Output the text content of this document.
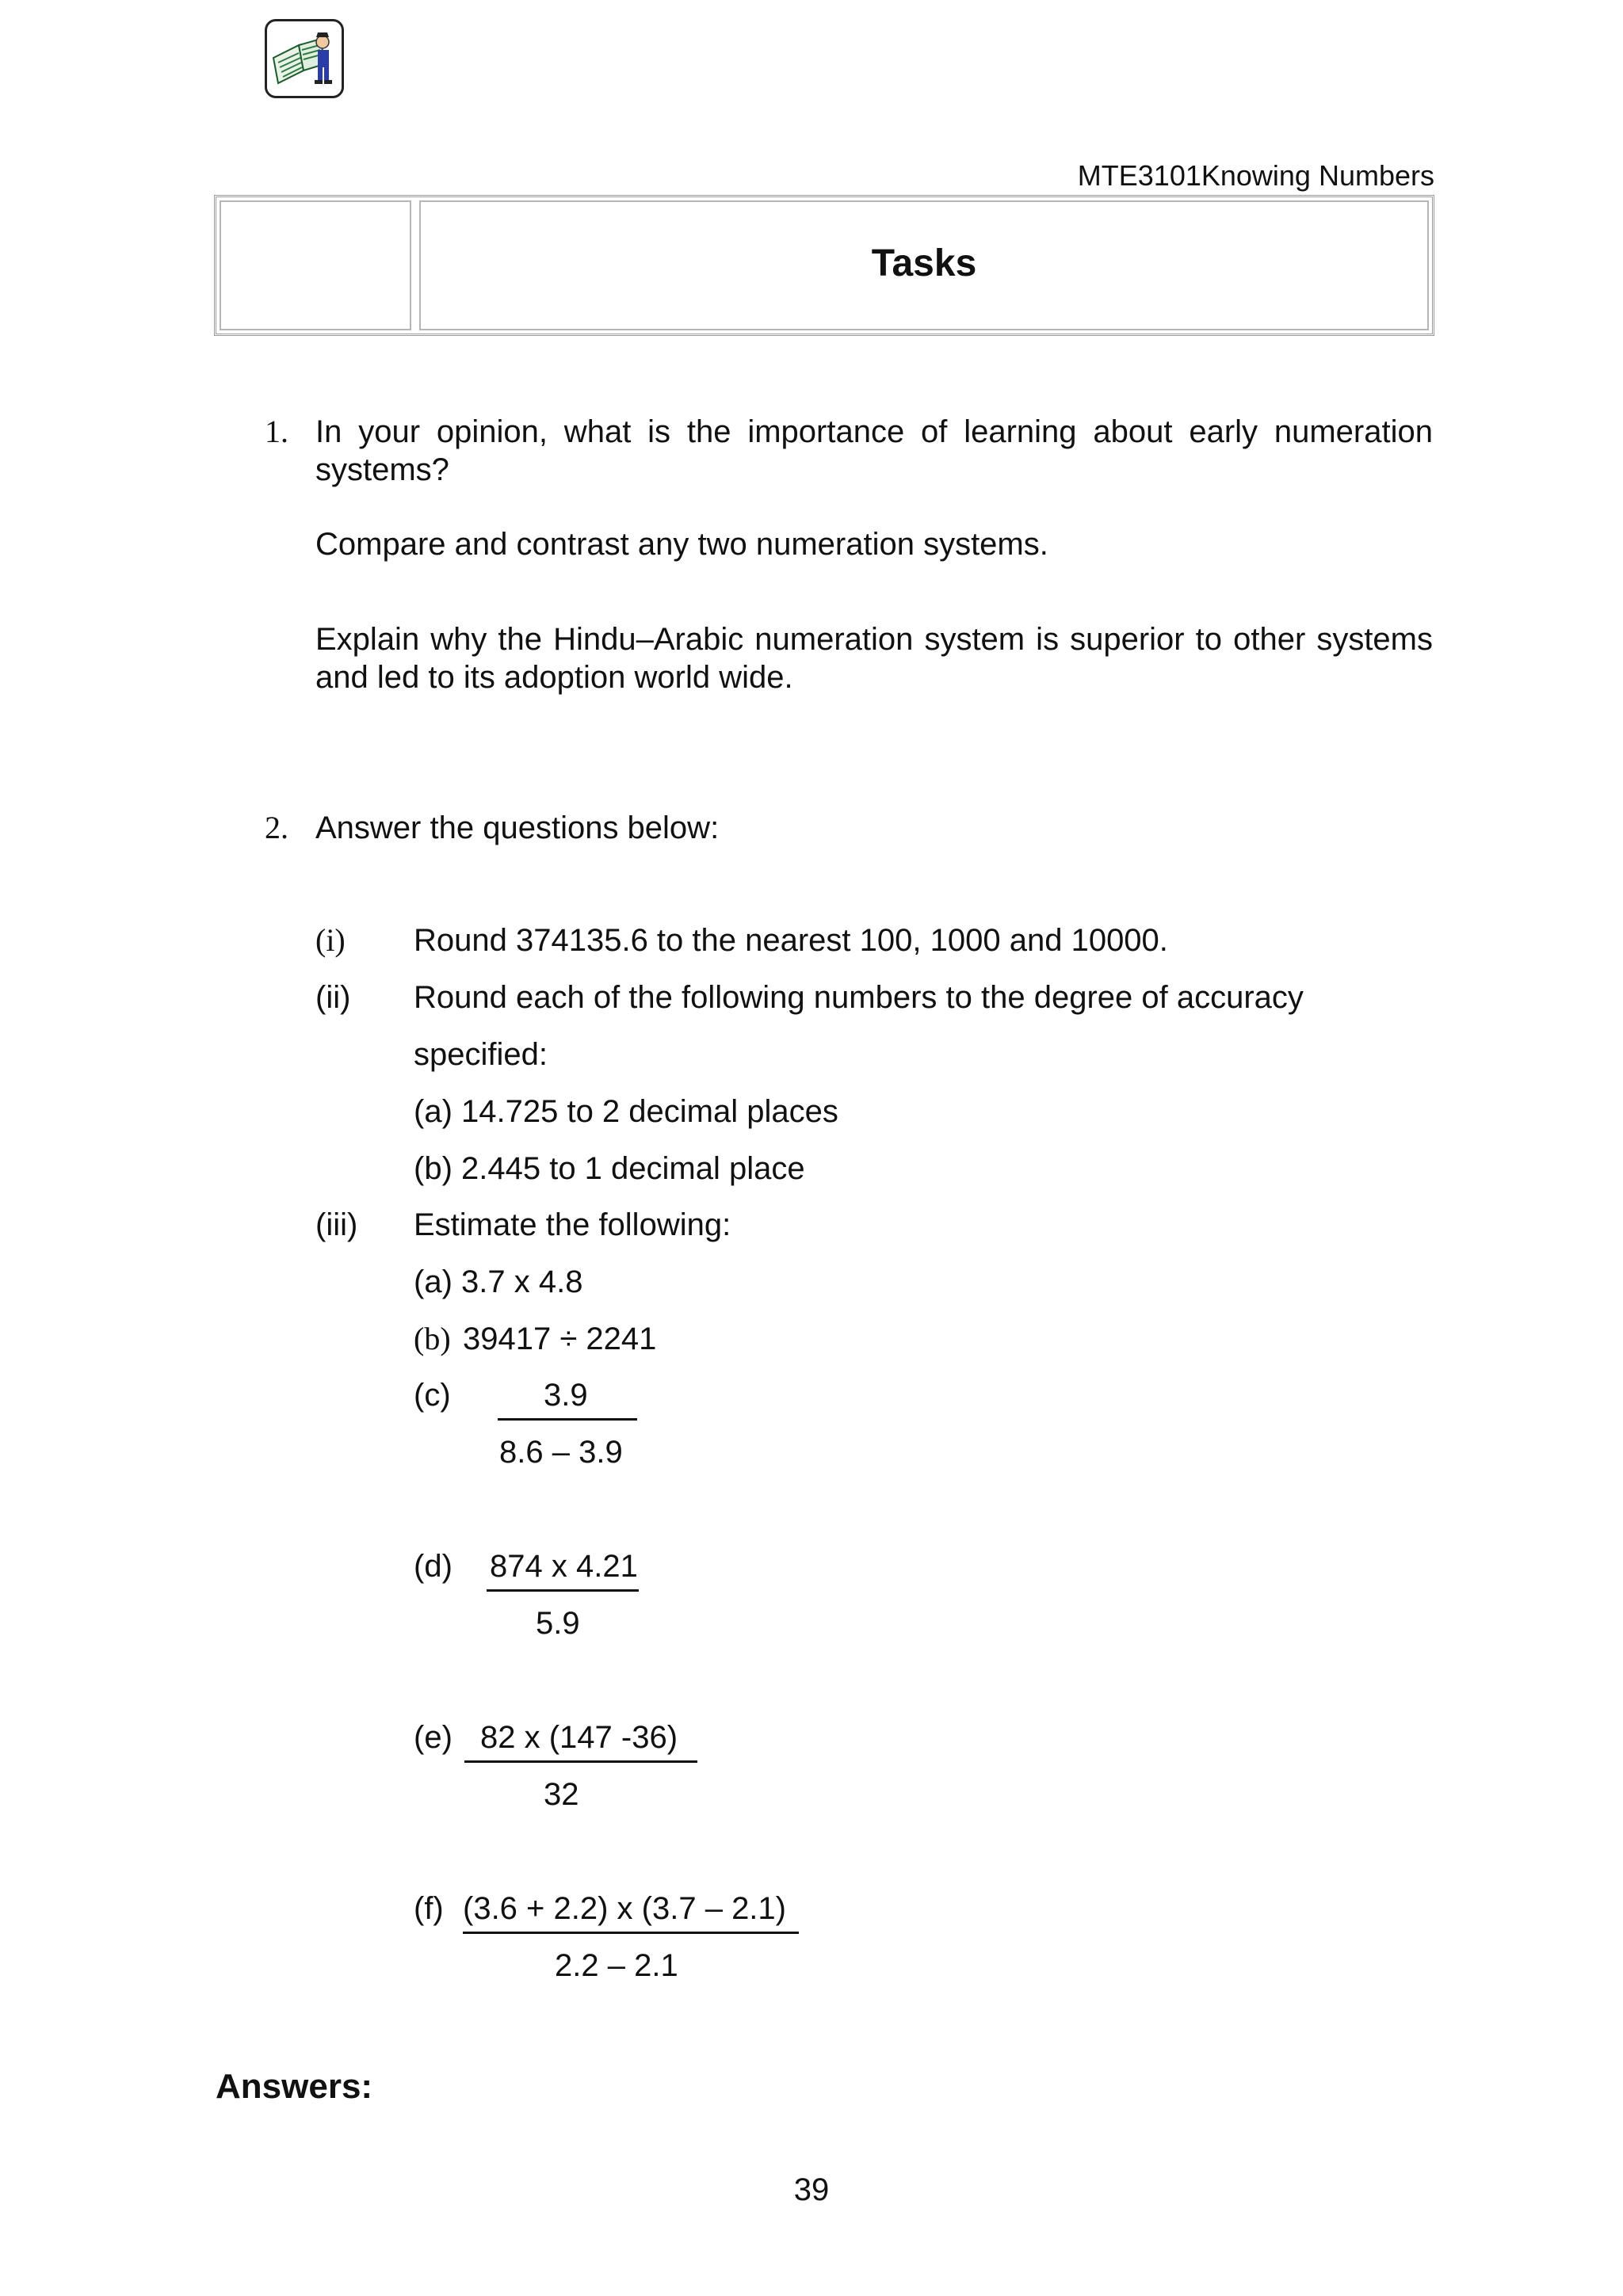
MTE3101Knowing Numbers
Tasks
1. In your opinion, what is the importance of learning about early numeration systems?
Compare and contrast any two numeration systems.
Explain why the Hindu–Arabic numeration system is superior to other systems and led to its adoption world wide.
2. Answer the questions below:
(i) Round 374135.6 to the nearest 100, 1000 and 10000.
(ii) Round each of the following numbers to the degree of accuracy
specified:
(a) 14.725 to 2 decimal places
(b) 2.445 to 1 decimal place
(iii) Estimate the following:
(a) 3.7 x 4.8
(b) 39417 ÷ 2241
(c)	3.9
8.6 – 3.9
(d) 874 x 4.21
5.9
(e) 82 x (147 -36)
32
(f) (3.6 + 2.2) x (3.7 – 2.1)
2.2 – 2.1
Answers:
39
